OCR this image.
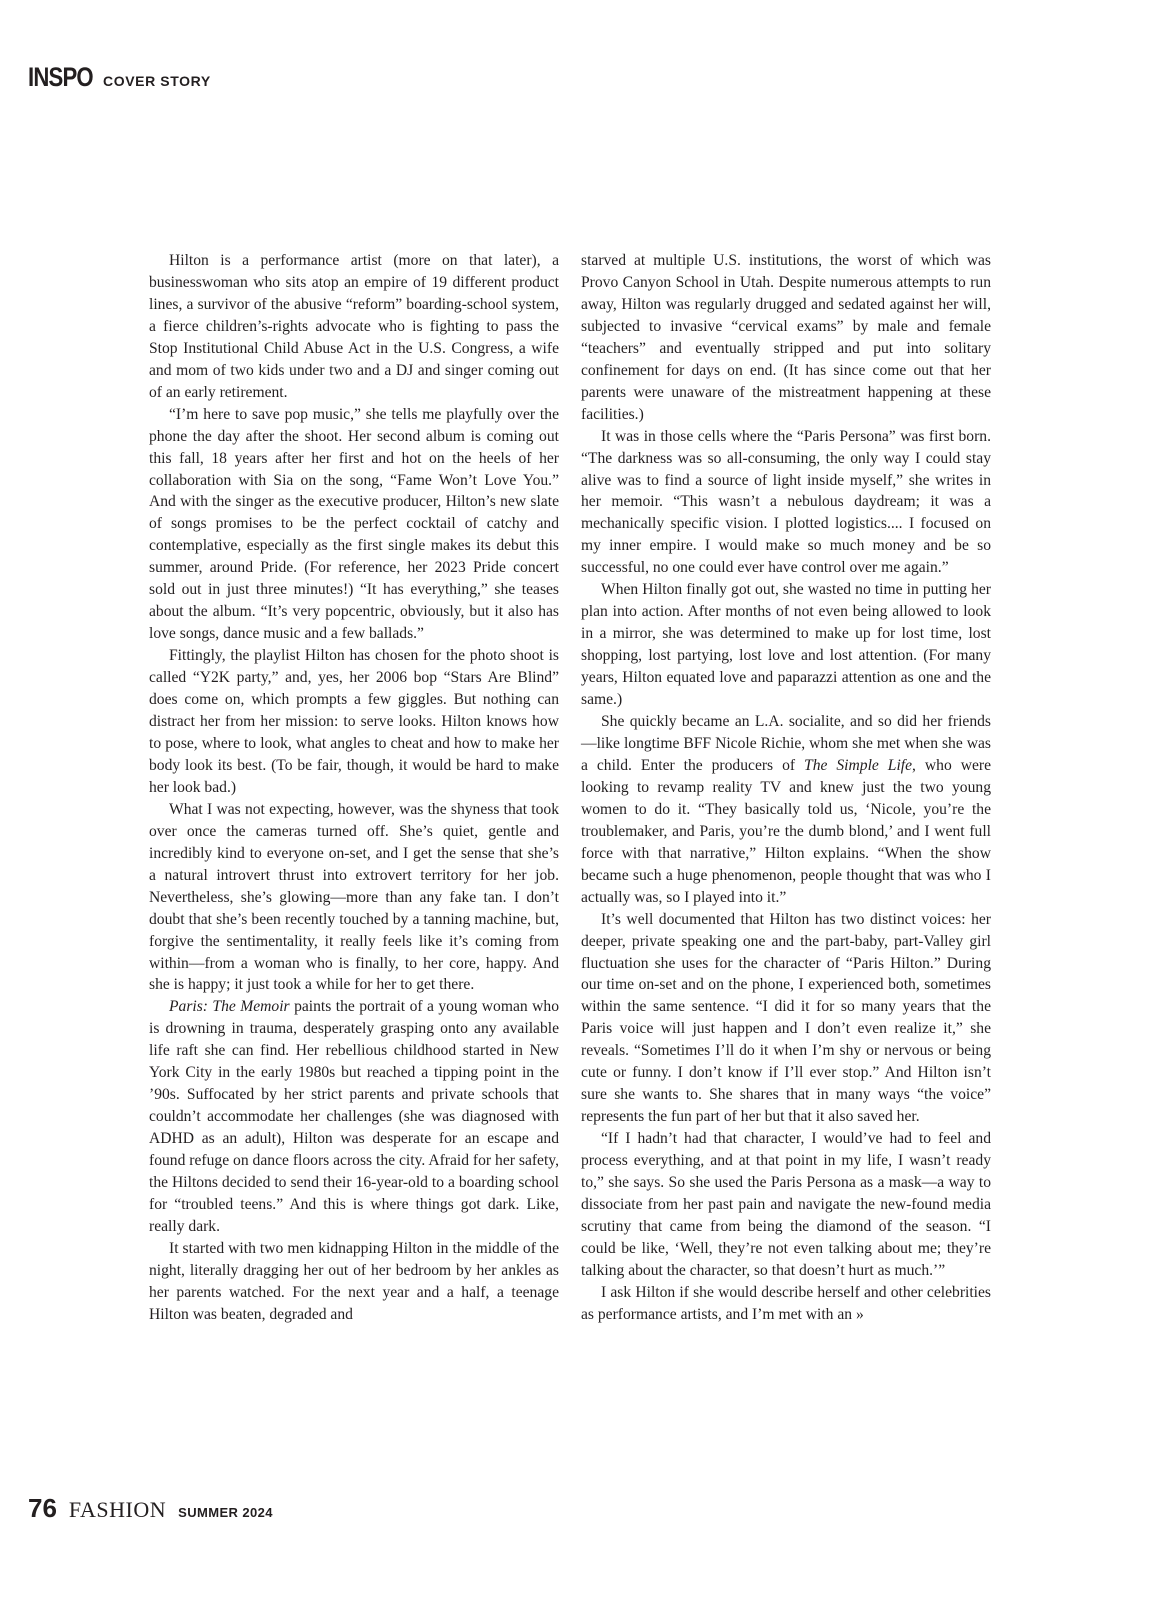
INSPO COVER STORY

Hilton is a performance artist (more on that later), a businesswoman who sits atop an empire of 19 different product lines, a survivor of the abusive “reform” boarding-school system, a fierce children’s-rights advocate who is fighting to pass the Stop Institutional Child Abuse Act in the U.S. Congress, a wife and mom of two kids under two and a DJ and singer coming out of an early retirement.

“I’m here to save pop music,” she tells me playfully over the phone the day after the shoot. Her second album is coming out this fall, 18 years after her first and hot on the heels of her collaboration with Sia on the song, “Fame Won’t Love You.” And with the singer as the executive producer, Hilton’s new slate of songs promises to be the perfect cocktail of catchy and contemplative, especially as the first single makes its debut this summer, around Pride. (For reference, her 2023 Pride concert sold out in just three minutes!) “It has everything,” she teases about the album. “It’s very popcentric, obviously, but it also has love songs, dance music and a few ballads.”

Fittingly, the playlist Hilton has chosen for the photo shoot is called “Y2K party,” and, yes, her 2006 bop “Stars Are Blind” does come on, which prompts a few giggles. But nothing can distract her from her mission: to serve looks. Hilton knows how to pose, where to look, what angles to cheat and how to make her body look its best. (To be fair, though, it would be hard to make her look bad.)

What I was not expecting, however, was the shyness that took over once the cameras turned off. She’s quiet, gentle and incredibly kind to everyone on-set, and I get the sense that she’s a natural introvert thrust into extrovert territory for her job. Nevertheless, she’s glowing—more than any fake tan. I don’t doubt that she’s been recently touched by a tanning machine, but, forgive the sentimentality, it really feels like it’s coming from within—from a woman who is finally, to her core, happy. And she is happy; it just took a while for her to get there.

Paris: The Memoir paints the portrait of a young woman who is drowning in trauma, desperately grasping onto any available life raft she can find. Her rebellious childhood started in New York City in the early 1980s but reached a tipping point in the ’90s. Suffocated by her strict parents and private schools that couldn’t accommodate her challenges (she was diagnosed with ADHD as an adult), Hilton was desperate for an escape and found refuge on dance floors across the city. Afraid for her safety, the Hiltons decided to send their 16-year-old to a boarding school for “troubled teens.” And this is where things got dark. Like, really dark.

It started with two men kidnapping Hilton in the middle of the night, literally dragging her out of her bedroom by her ankles as her parents watched. For the next year and a half, a teenage Hilton was beaten, degraded and

starved at multiple U.S. institutions, the worst of which was Provo Canyon School in Utah. Despite numerous attempts to run away, Hilton was regularly drugged and sedated against her will, subjected to invasive “cervical exams” by male and female “teachers” and eventually stripped and put into solitary confinement for days on end. (It has since come out that her parents were unaware of the mistreatment happening at these facilities.)

It was in those cells where the “Paris Persona” was first born. “The darkness was so all-consuming, the only way I could stay alive was to find a source of light inside myself,” she writes in her memoir. “This wasn’t a nebulous daydream; it was a mechanically specific vision. I plotted logistics.... I focused on my inner empire. I would make so much money and be so successful, no one could ever have control over me again.”

When Hilton finally got out, she wasted no time in putting her plan into action. After months of not even being allowed to look in a mirror, she was determined to make up for lost time, lost shopping, lost partying, lost love and lost attention. (For many years, Hilton equated love and paparazzi attention as one and the same.)

She quickly became an L.A. socialite, and so did her friends—like longtime BFF Nicole Richie, whom she met when she was a child. Enter the producers of The Simple Life, who were looking to revamp reality TV and knew just the two young women to do it. “They basically told us, ‘Nicole, you’re the troublemaker, and Paris, you’re the dumb blond,’ and I went full force with that narrative,” Hilton explains. “When the show became such a huge phenomenon, people thought that was who I actually was, so I played into it.”

It’s well documented that Hilton has two distinct voices: her deeper, private speaking one and the part-baby, part-Valley girl fluctuation she uses for the character of “Paris Hilton.” During our time on-set and on the phone, I experienced both, sometimes within the same sentence. “I did it for so many years that the Paris voice will just happen and I don’t even realize it,” she reveals. “Sometimes I’ll do it when I’m shy or nervous or being cute or funny. I don’t know if I’ll ever stop.” And Hilton isn’t sure she wants to. She shares that in many ways “the voice” represents the fun part of her but that it also saved her.

“If I hadn’t had that character, I would’ve had to feel and process everything, and at that point in my life, I wasn’t ready to,” she says. So she used the Paris Persona as a mask—a way to dissociate from her past pain and navigate the new-found media scrutiny that came from being the diamond of the season. “I could be like, ‘Well, they’re not even talking about me; they’re talking about the character, so that doesn’t hurt as much.’”

I ask Hilton if she would describe herself and other celebrities as performance artists, and I’m met with an »

76 FASHION SUMMER 2024
